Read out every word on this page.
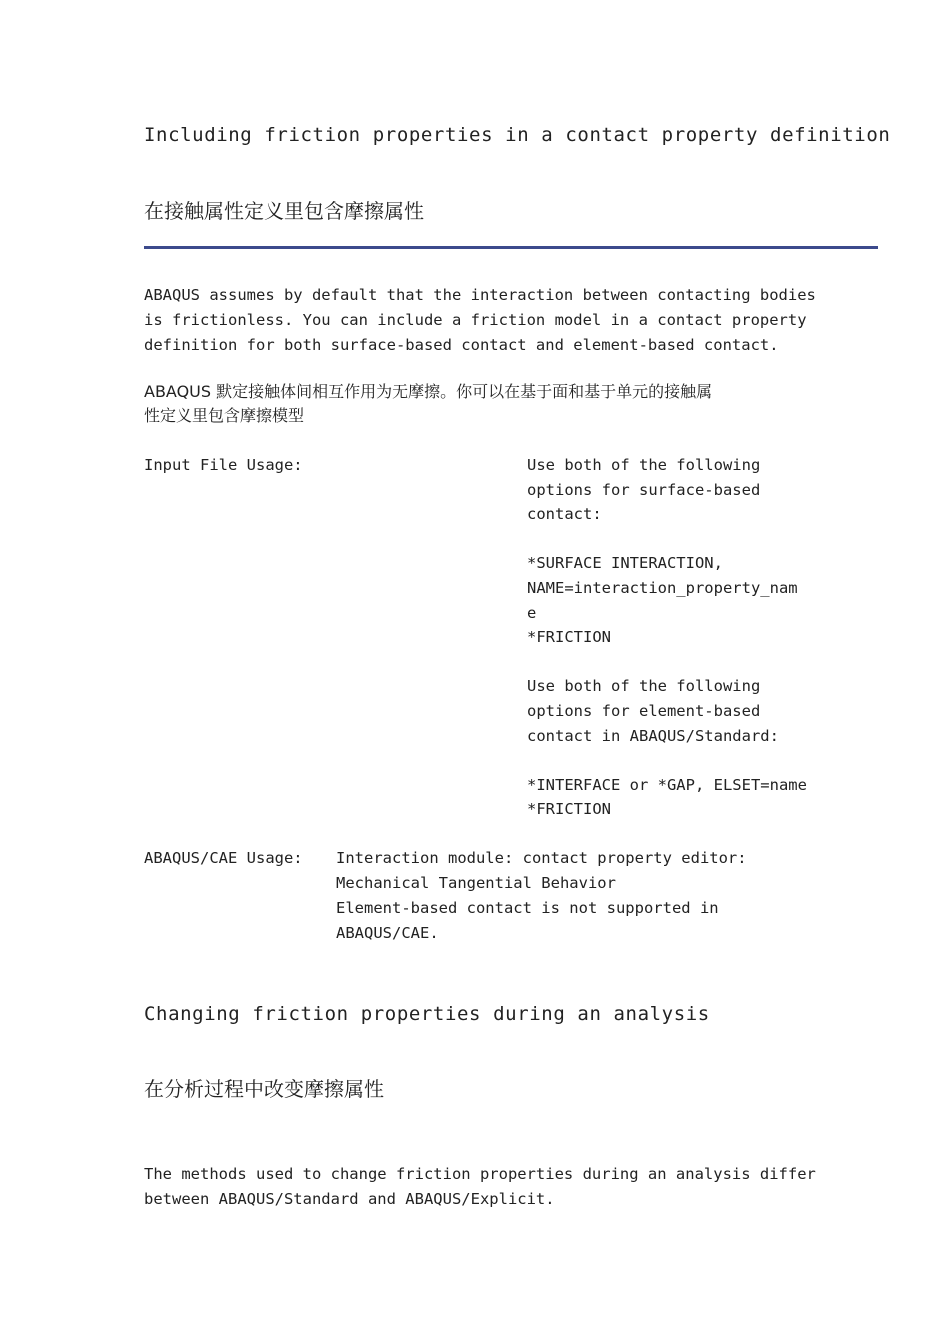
Including friction properties in a contact property definition
在接触属性定义里包含摩擦属性
ABAQUS assumes by default that the interaction between contacting bodies
is frictionless. You can include a friction model in a contact property
definition for both surface-based contact and element-based contact.
ABAQUS 默定接触体间相互作用为无摩擦。你可以在基于面和基于单元的接触属
性定义里包含摩擦模型
Input File Usage:	Use both of the following
options for surface-based
contact:

*SURFACE INTERACTION,
NAME=interaction_property_nam
e
*FRICTION

Use both of the following
options for element-based
contact in ABAQUS/Standard:

*INTERFACE or *GAP, ELSET=name
*FRICTION
ABAQUS/CAE Usage: Interaction module: contact property editor:
Mechanical Tangential Behavior
Element-based contact is not supported in
ABAQUS/CAE.
Changing friction properties during an analysis
在分析过程中改变摩擦属性
The methods used to change friction properties during an analysis differ
between ABAQUS/Standard and ABAQUS/Explicit.
